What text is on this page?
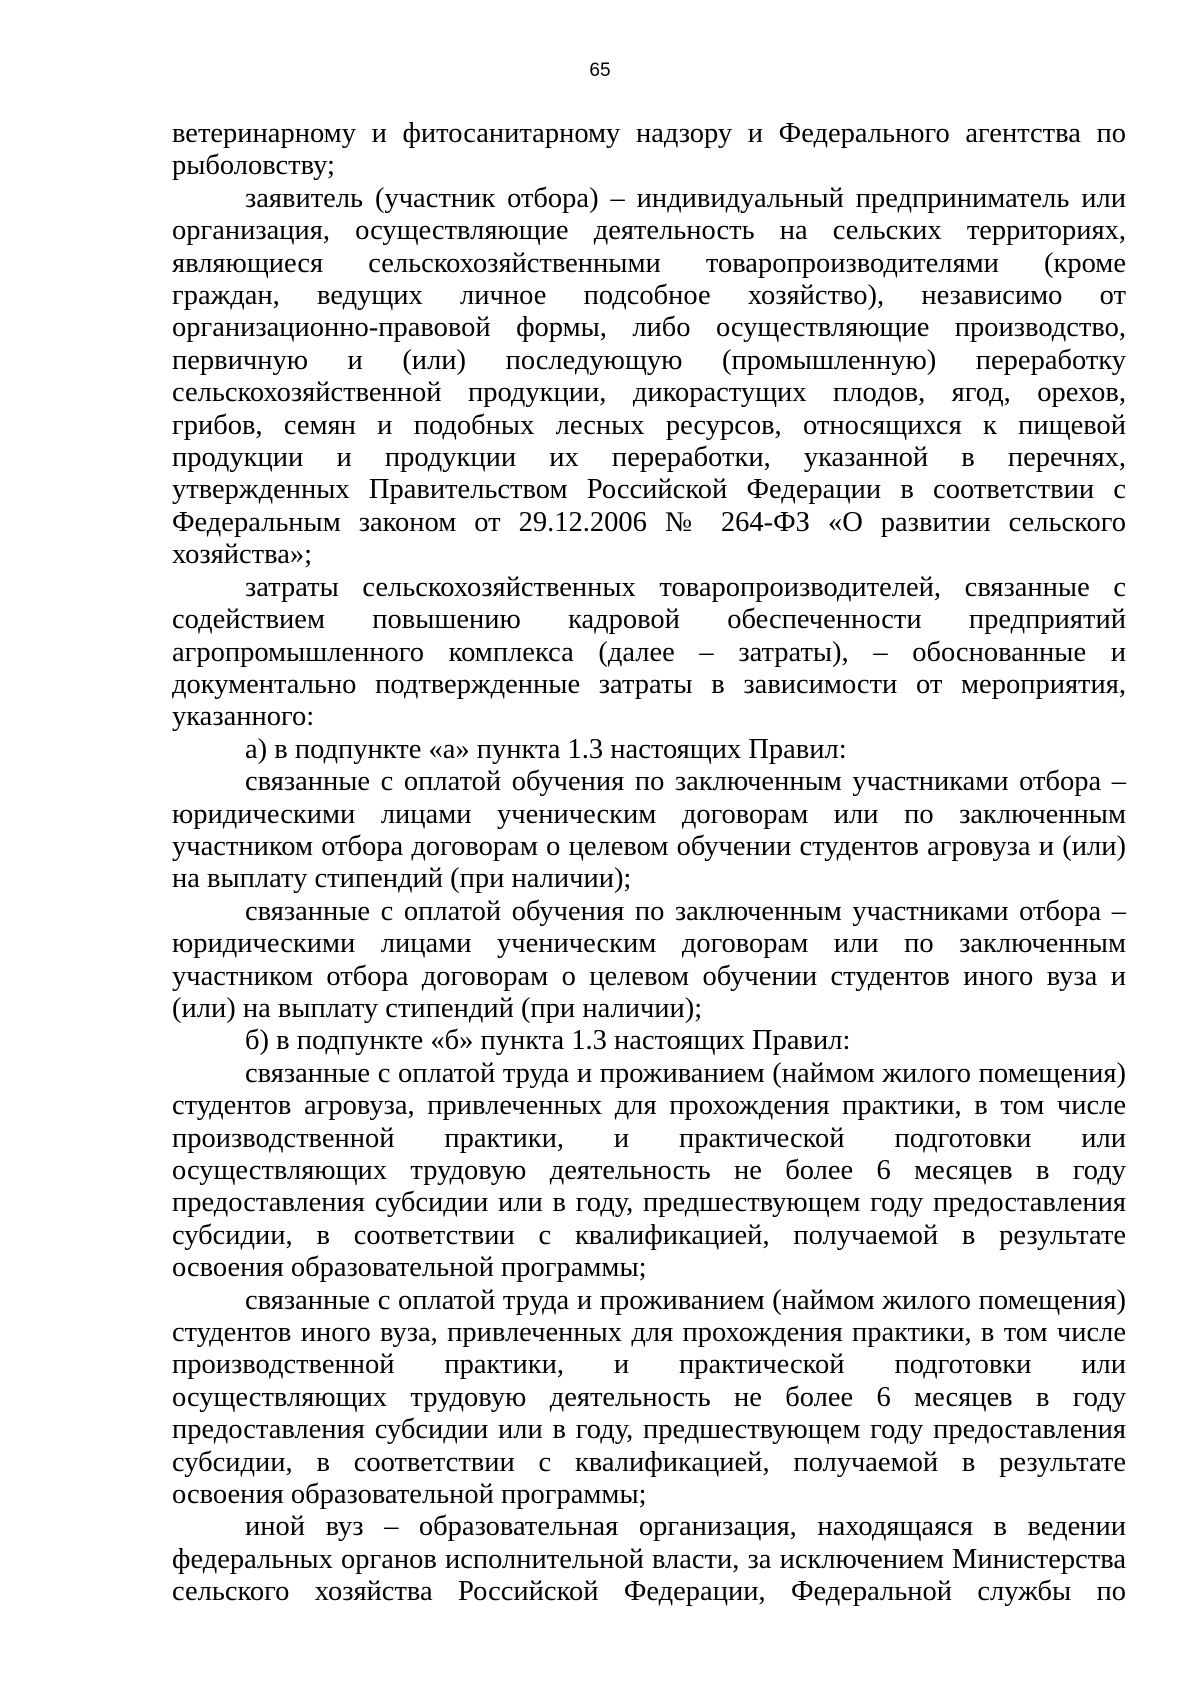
65

ветеринарному и фитосанитарному надзору и Федерального агентства по рыболовству;

заявитель (участник отбора) – индивидуальный предприниматель или организация, осуществляющие деятельность на сельских территориях, являющиеся сельскохозяйственными товаропроизводителями (кроме граждан, ведущих личное подсобное хозяйство), независимо от организационно-правовой формы, либо осуществляющие производство, первичную и (или) последующую (промышленную) переработку сельскохозяйственной продукции, дикорастущих плодов, ягод, орехов, грибов, семян и подобных лесных ресурсов, относящихся к пищевой продукции и продукции их переработки, указанной в перечнях, утвержденных Правительством Российской Федерации в соответствии с Федеральным законом от 29.12.2006 № 264-ФЗ «О развитии сельского хозяйства»;

затраты сельскохозяйственных товаропроизводителей, связанные с содействием повышению кадровой обеспеченности предприятий агропромышленного комплекса (далее – затраты), – обоснованные и документально подтвержденные затраты в зависимости от мероприятия, указанного:

а) в подпункте «а» пункта 1.3 настоящих Правил:

связанные с оплатой обучения по заключенным участниками отбора – юридическими лицами ученическим договорам или по заключенным участником отбора договорам о целевом обучении студентов агровуза и (или) на выплату стипендий (при наличии);

связанные с оплатой обучения по заключенным участниками отбора – юридическими лицами ученическим договорам или по заключенным участником отбора договорам о целевом обучении студентов иного вуза и (или) на выплату стипендий (при наличии);

б) в подпункте «б» пункта 1.3 настоящих Правил:

связанные с оплатой труда и проживанием (наймом жилого помещения) студентов агровуза, привлеченных для прохождения практики, в том числе производственной практики, и практической подготовки или осуществляющих трудовую деятельность не более 6 месяцев в году предоставления субсидии или в году, предшествующем году предоставления субсидии, в соответствии с квалификацией, получаемой в результате освоения образовательной программы;

связанные с оплатой труда и проживанием (наймом жилого помещения) студентов иного вуза, привлеченных для прохождения практики, в том числе производственной практики, и практической подготовки или осуществляющих трудовую деятельность не более 6 месяцев в году предоставления субсидии или в году, предшествующем году предоставления субсидии, в соответствии с квалификацией, получаемой в результате освоения образовательной программы;

иной вуз – образовательная организация, находящаяся в ведении федеральных органов исполнительной власти, за исключением Министерства сельского хозяйства Российской Федерации, Федеральной службы по
